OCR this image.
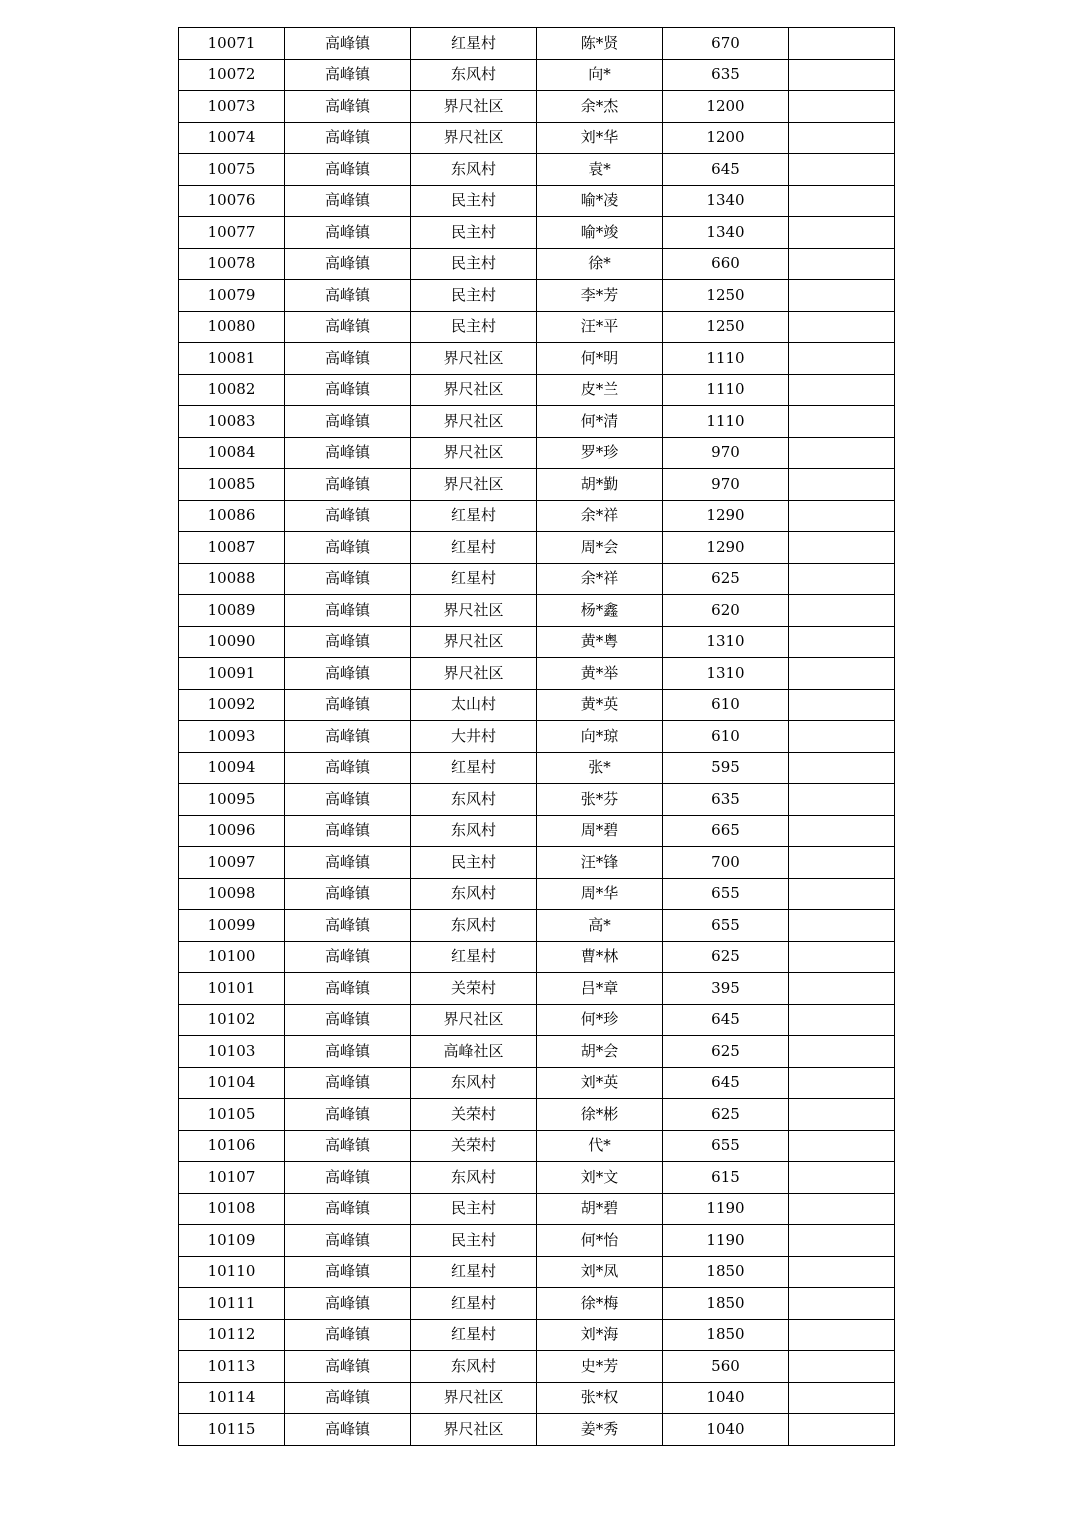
10071	高峰镇	红星村	陈*贤	670	
10072	高峰镇	东风村	向*	635	
10073	高峰镇	界尺社区	余*杰	1200	
10074	高峰镇	界尺社区	刘*华	1200	
10075	高峰镇	东风村	袁*	645	
10076	高峰镇	民主村	喻*凌	1340	
10077	高峰镇	民主村	喻*竣	1340	
10078	高峰镇	民主村	徐*	660	
10079	高峰镇	民主村	李*芳	1250	
10080	高峰镇	民主村	汪*平	1250	
10081	高峰镇	界尺社区	何*明	1110	
10082	高峰镇	界尺社区	皮*兰	1110	
10083	高峰镇	界尺社区	何*清	1110	
10084	高峰镇	界尺社区	罗*珍	970	
10085	高峰镇	界尺社区	胡*勤	970	
10086	高峰镇	红星村	余*祥	1290	
10087	高峰镇	红星村	周*会	1290	
10088	高峰镇	红星村	余*祥	625	
10089	高峰镇	界尺社区	杨*鑫	620	
10090	高峰镇	界尺社区	黄*粤	1310	
10091	高峰镇	界尺社区	黄*举	1310	
10092	高峰镇	太山村	黄*英	610	
10093	高峰镇	大井村	向*琼	610	
10094	高峰镇	红星村	张*	595	
10095	高峰镇	东风村	张*芬	635	
10096	高峰镇	东风村	周*碧	665	
10097	高峰镇	民主村	汪*锋	700	
10098	高峰镇	东风村	周*华	655	
10099	高峰镇	东风村	高*	655	
10100	高峰镇	红星村	曹*林	625	
10101	高峰镇	关荣村	吕*章	395	
10102	高峰镇	界尺社区	何*珍	645	
10103	高峰镇	高峰社区	胡*会	625	
10104	高峰镇	东风村	刘*英	645	
10105	高峰镇	关荣村	徐*彬	625	
10106	高峰镇	关荣村	代*	655	
10107	高峰镇	东风村	刘*文	615	
10108	高峰镇	民主村	胡*碧	1190	
10109	高峰镇	民主村	何*怡	1190	
10110	高峰镇	红星村	刘*凤	1850	
10111	高峰镇	红星村	徐*梅	1850	
10112	高峰镇	红星村	刘*海	1850	
10113	高峰镇	东风村	史*芳	560	
10114	高峰镇	界尺社区	张*权	1040	
10115	高峰镇	界尺社区	姜*秀	1040	
